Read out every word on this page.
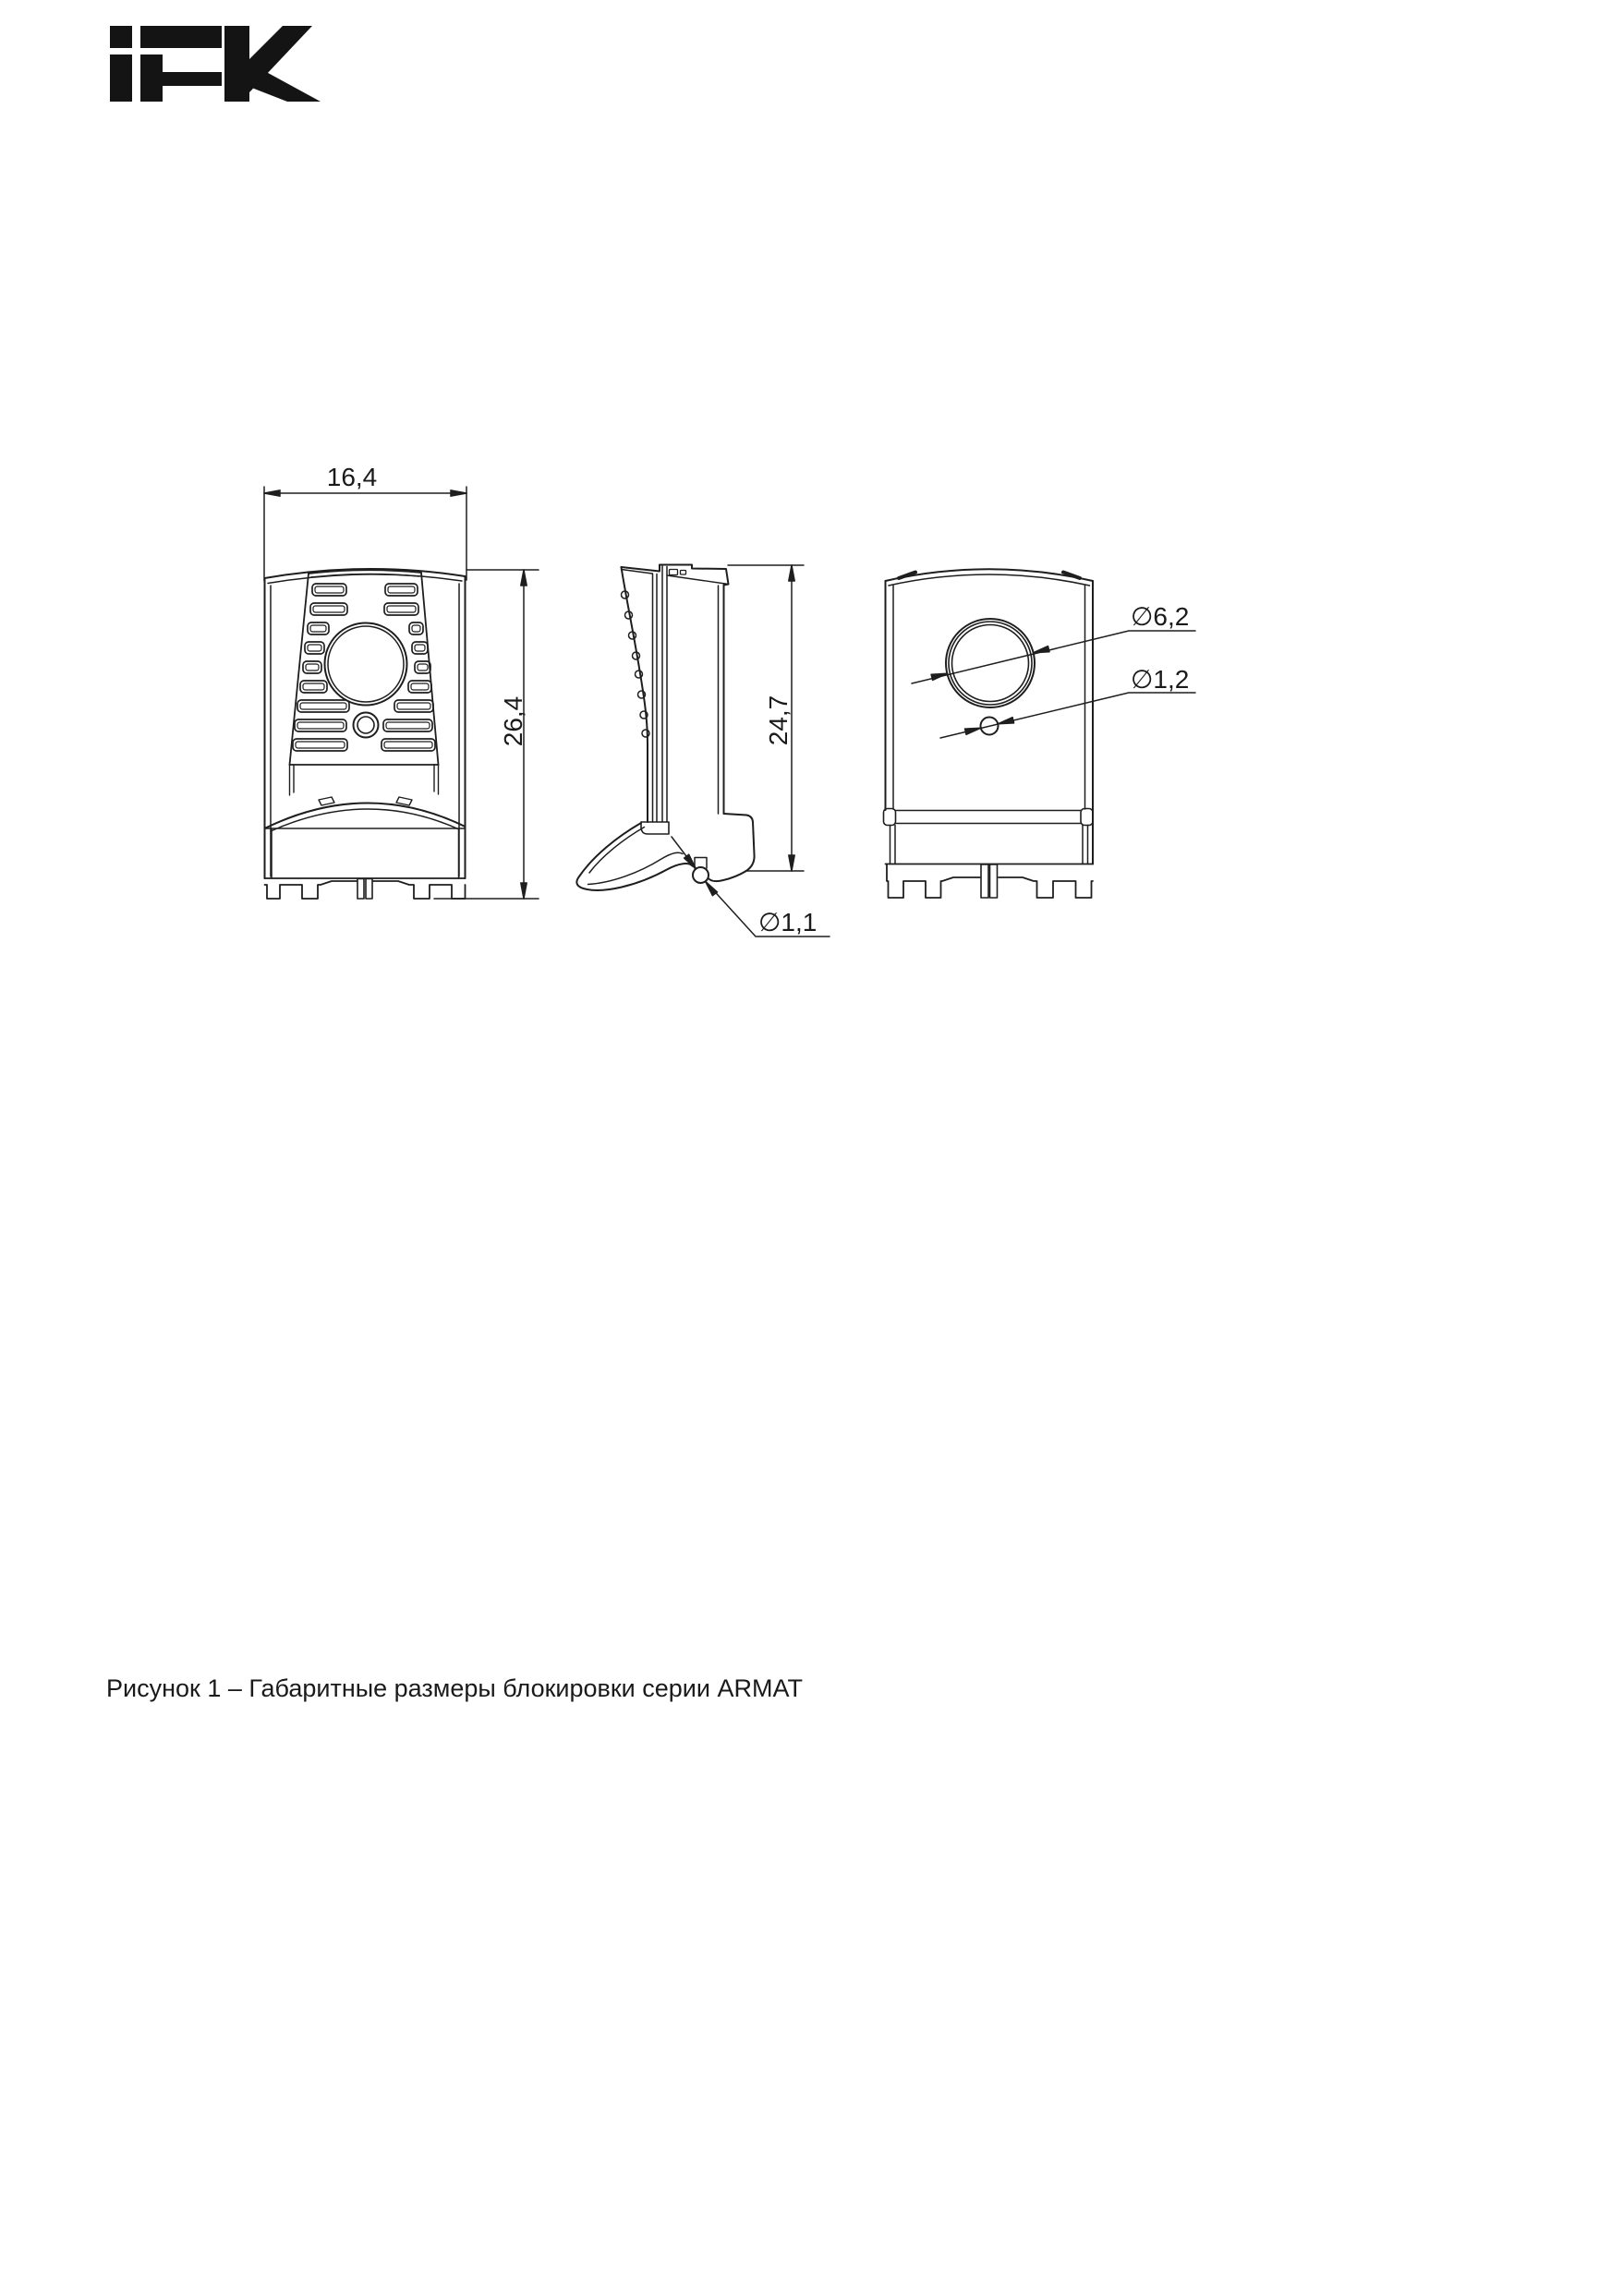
16,4
26,4	24,7
∅1,1
∅6,2
∅1,2

Рисунок 1 – Габаритные размеры блокировки серии ARMAT
